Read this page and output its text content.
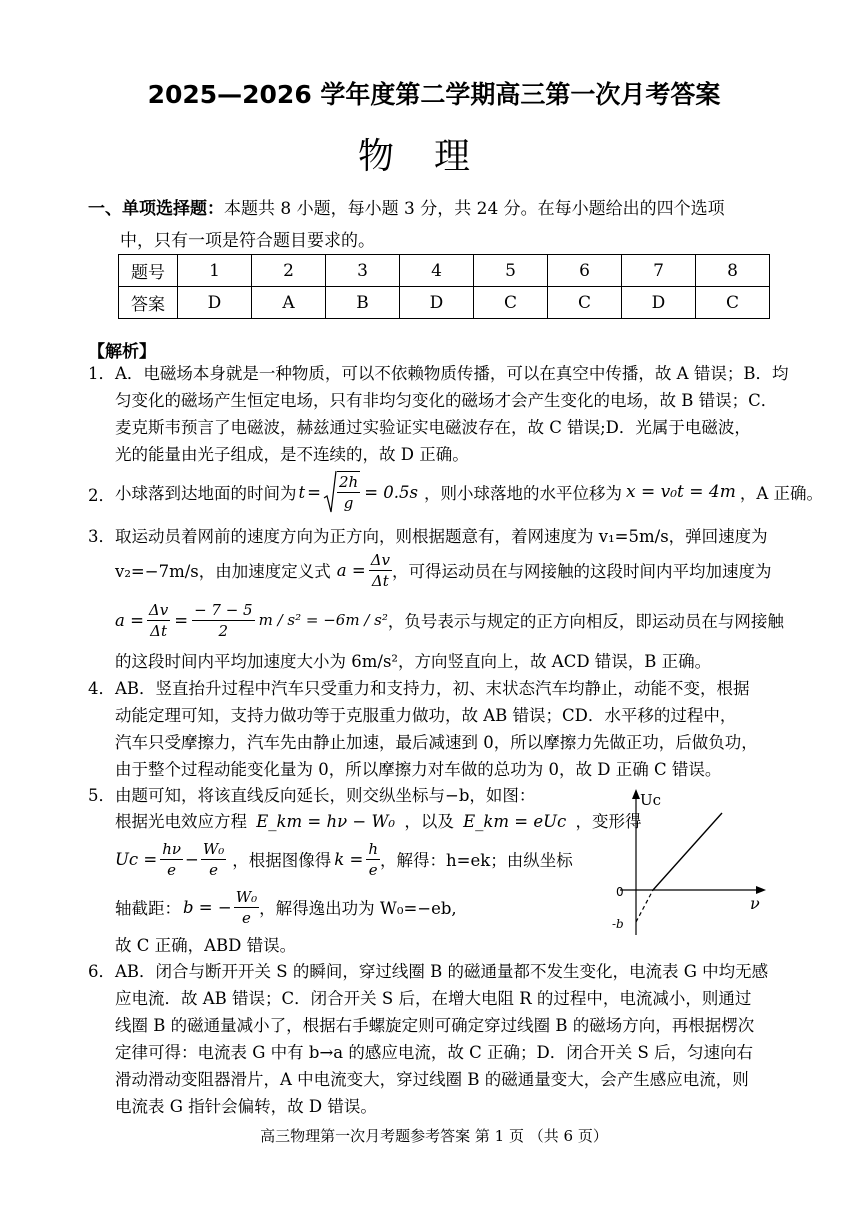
2025—2026 学年度第二学期高三第一次月考答案
物理
一、单项选择题：本题共 8 小题，每小题 3 分，共 24 分。在每小题给出的四个选项
中，只有一项是符合题目要求的。
题号	1	2	3	4	5	6	7	8
答案	D	A	B	D	C	C	D	C
【解析】
1． A．电磁场本身就是一种物质，可以不依赖物质传播，可以在真空中传播，故 A 错误；B．均
匀变化的磁场产生恒定电场，只有非均匀变化的磁场才会产生变化的电场，故 B 错误；C．
麦克斯韦预言了电磁波，赫兹通过实验证实电磁波存在，故 C 错误;D．光属于电磁波，
光的能量由光子组成，是不连续的，故 D 正确。
2． 小球落到达地面的时间为 $t = \frac{2h}{g} = 0.5s$ ，则小球落地的水平位移为 x = v₀t = 4m ，A 正确。
3． 取运动员着网前的速度方向为正方向，则根据题意有，着网速度为 v₁=5m/s，弹回速度为
v₂=−7m/s，由加速度定义式 $a = \frac{\Delta v}{\Delta t}$ ，可得运动员在与网接触的这段时间内平均加速度为
$a = \frac{\Delta v}{\Delta t} = \frac{- 7 - 5}{2}$ m / s² = −6m / s² ，负号表示与规定的正方向相反，即运动员在与网接触
的这段时间内平均加速度大小为 6m/s²，方向竖直向上，故 ACD 错误，B 正确。
4． AB．竖直抬升过程中汽车只受重力和支持力，初、末状态汽车均静止，动能不变，根据
动能定理可知，支持力做功等于克服重力做功，故 AB 错误；CD．水平移的过程中，
汽车只受摩擦力，汽车先由静止加速，最后减速到 0，所以摩擦力先做正功，后做负功，
由于整个过程动能变化量为 0，所以摩擦力对车做的总功为 0，故 D 正确 C 错误。
5． 由题可知，将该直线反向延长，则交纵坐标与−b，如图：
根据光电效应方程 E_km = hν − W₀ ，以及 E_km = eUc ，变形得
$Uc = \frac{h\nu}{e} - \frac{\text{W₀}}{e}$ ，根据图像得 $k = \frac{h}{e}$ ，解得：h=ek；由纵坐标
轴截距： b = − $\frac{\text{W₀}}{e}$ ，解得逸出功为 W₀=−eb,
故 C 正确，ABD 错误。
Uc
ν
0
-b
6． AB．闭合与断开开关 S 的瞬间，穿过线圈 B 的磁通量都不发生变化，电流表 G 中均无感
应电流．故 AB 错误；C．闭合开关 S 后，在增大电阻 R 的过程中，电流减小，则通过
线圈 B 的磁通量减小了，根据右手螺旋定则可确定穿过线圈 B 的磁场方向，再根据楞次
定律可得：电流表 G 中有 b→a 的感应电流，故 C 正确；D．闭合开关 S 后，匀速向右
滑动滑动变阻器滑片，A 中电流变大，穿过线圈 B 的磁通量变大，会产生感应电流，则
电流表 G 指针会偏转，故 D 错误。
高三物理第一次月考题参考答案 第 1 页 （共 6 页）
